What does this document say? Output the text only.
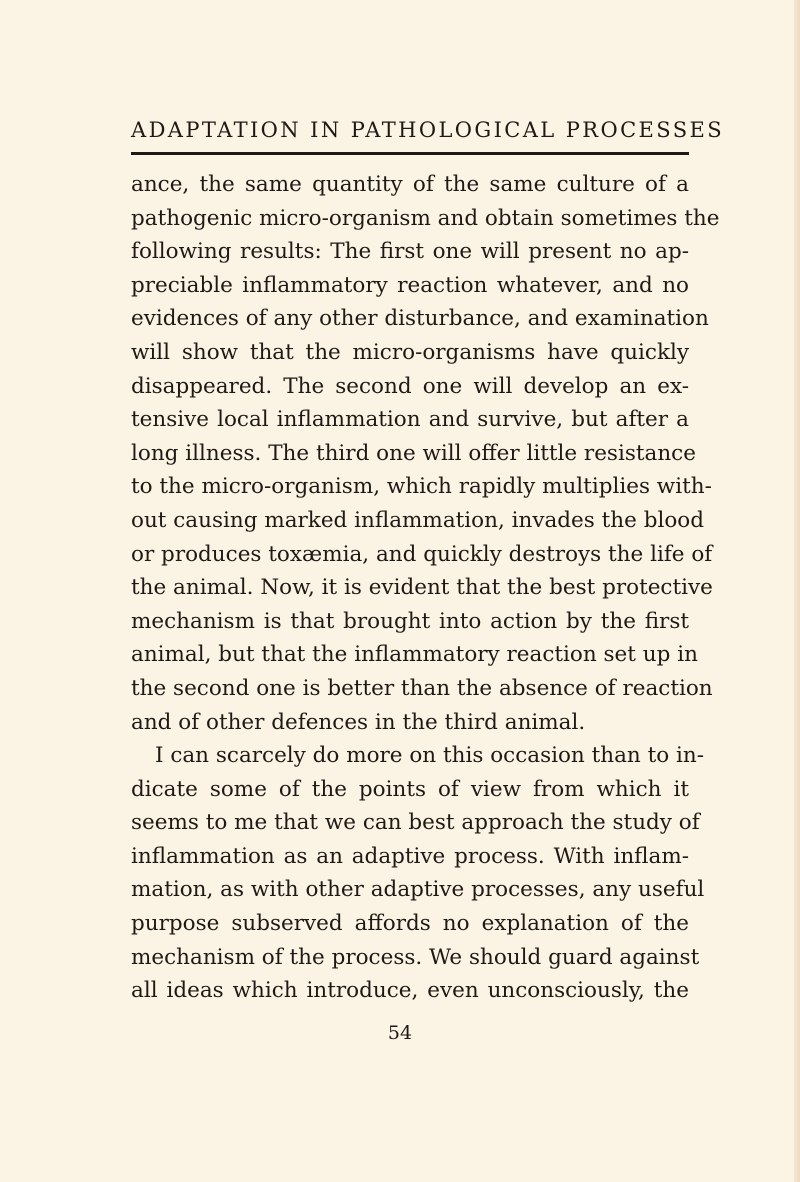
ADAPTATION IN PATHOLOGICAL PROCESSES
ance, the same quantity of the same culture of a
pathogenic micro-organism and obtain sometimes the
following results: The first one will present no ap-
preciable inflammatory reaction whatever, and no
evidences of any other disturbance, and examination
will show that the micro-organisms have quickly
disappeared. The second one will develop an ex-
tensive local inflammation and survive, but after a
long illness. The third one will offer little resistance
to the micro-organism, which rapidly multiplies with-
out causing marked inflammation, invades the blood
or produces toxæmia, and quickly destroys the life of
the animal. Now, it is evident that the best protective
mechanism is that brought into action by the first
animal, but that the inflammatory reaction set up in
the second one is better than the absence of reaction
and of other defences in the third animal.
I can scarcely do more on this occasion than to in-
dicate some of the points of view from which it
seems to me that we can best approach the study of
inflammation as an adaptive process. With inflam-
mation, as with other adaptive processes, any useful
purpose subserved affords no explanation of the
mechanism of the process. We should guard against
all ideas which introduce, even unconsciously, the
54
